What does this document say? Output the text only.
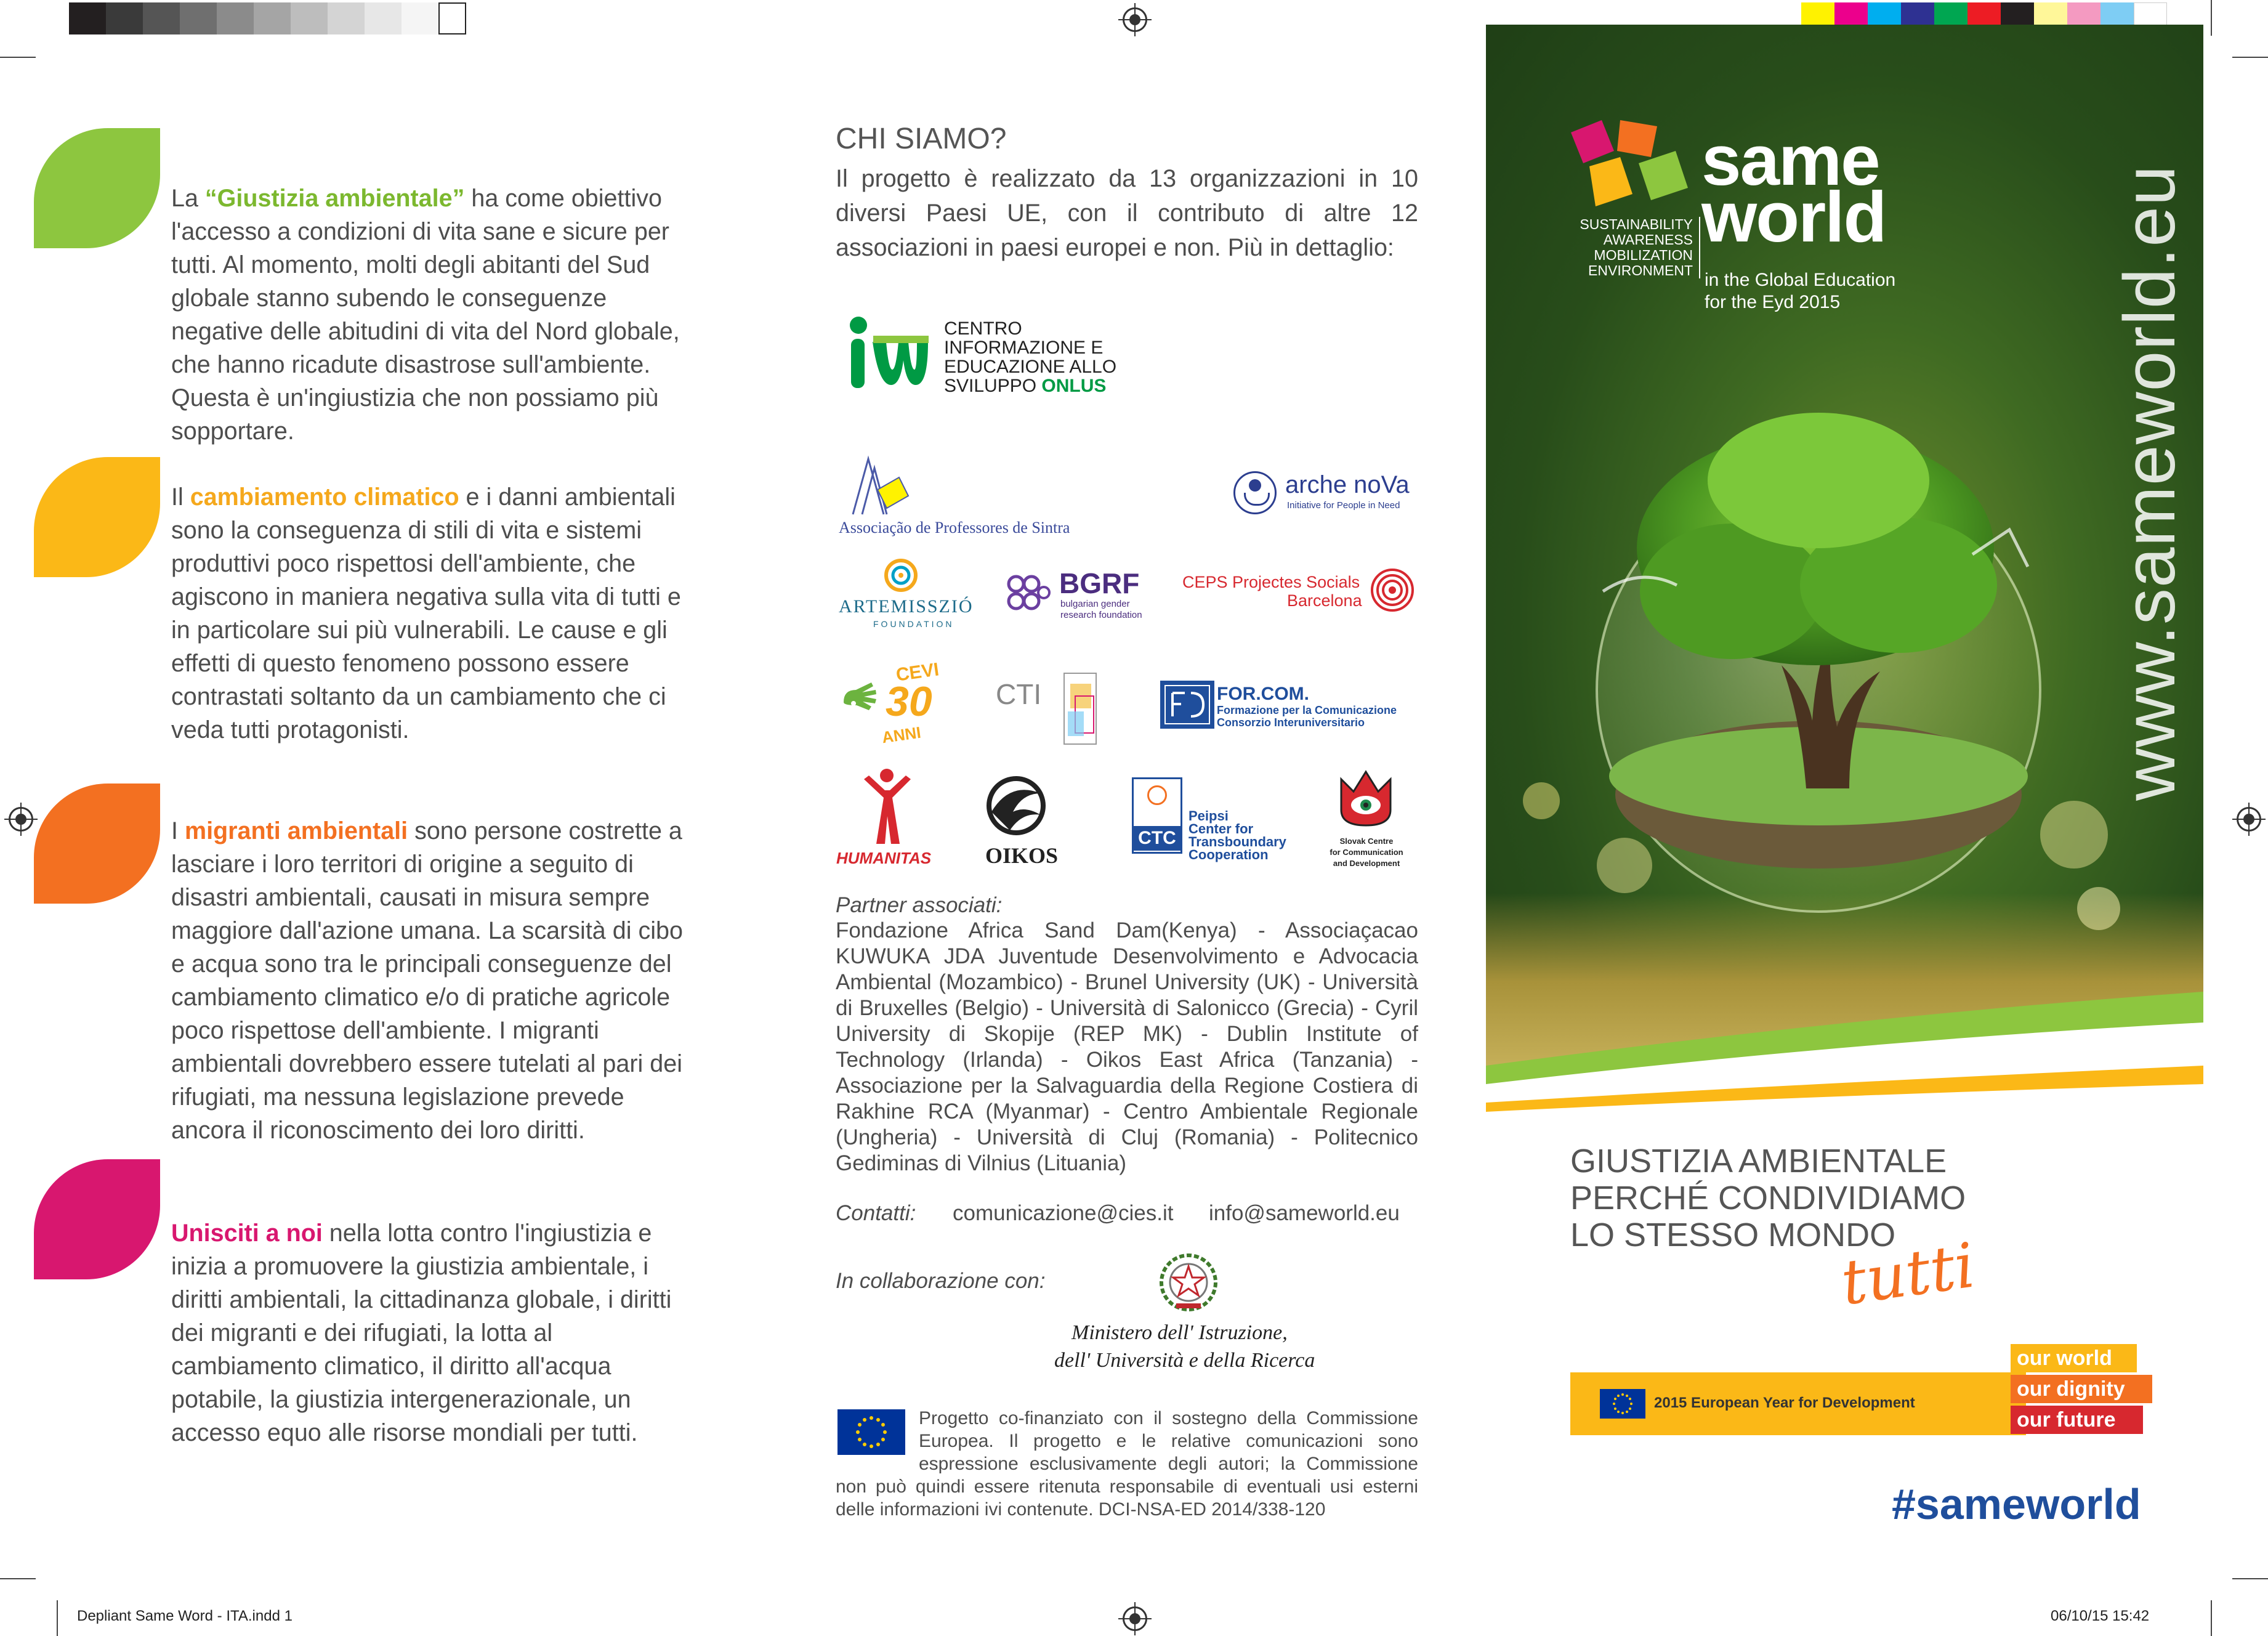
La “Giustizia ambientale” ha come obiettivo l'accesso a condizioni di vita sane e sicure per tutti. Al momento, molti degli abitanti del Sud globale stanno subendo le conseguenze negative delle abitudini di vita del Nord globale, che hanno ricadute disastrose sull'ambiente. Questa è un'ingiustizia che non possiamo più sopportare.
Il cambiamento climatico e i danni ambientali sono la conseguenza di stili di vita e sistemi produttivi poco rispettosi dell'ambiente, che agiscono in maniera negativa sulla vita di tutti e in particolare sui più vulnerabili. Le cause e gli effetti di questo fenomeno possono essere contrastati soltanto da un cambiamento che ci veda tutti protagonisti.
I migranti ambientali sono persone costrette a lasciare i loro territori di origine a seguito di disastri ambientali, causati in misura sempre maggiore dall'azione umana. La scarsità di cibo e acqua sono tra le principali conseguenze del cambiamento climatico e/o di pratiche agricole poco rispettose dell'ambiente. I migranti ambientali dovrebbero essere tutelati al pari dei rifugiati, ma nessuna legislazione prevede ancora il riconoscimento dei loro diritti.
Unisciti a noi nella lotta contro l'ingiustizia e inizia a promuovere la giustizia ambientale, i diritti ambientali, la cittadinanza globale, i diritti dei migranti e dei rifugiati, la lotta al cambiamento climatico, il diritto all'acqua potabile, la giustizia intergenerazionale, un accesso equo alle risorse mondiali per tutti.
CHI SIAMO?
Il progetto è realizzato da 13 organizzazioni in 10 diversi Paesi UE, con il contributo di altre 12 associazioni in paesi europei e non. Più in dettaglio:
CENTRO
INFORMAZIONE E
EDUCAZIONE ALLO
SVILUPPO ONLUS
Associação de Professores de Sintra
arche noVa
Initiative for People in Need
ARTEMISSZIÓ
FOUNDATION
BGRF
bulgarian gender
research foundation
CEPS Projectes Socials
Barcelona
CEVI
30
ANNI
CTI	FOR.COM.
Formazione per la Comunicazione
Consorzio Interuniversitario
HUMANITAS OIKOS
CTC
Peipsi
Center for
Transboundary
Cooperation
Slovak Centre
for Communication
and Development
Partner associati:
Fondazione Africa Sand Dam(Kenya) - Associaçacao KUWUKA JDA Juventude Desenvolvimento e Advocacia Ambiental (Mozambico) - Brunel University (UK) - Università di Bruxelles (Belgio) - Università di Salonicco (Grecia) - Cyril University di Skopije (REP MK) - Dublin Institute of Technology (Irlanda) - Oikos East Africa (Tanzania) - Associazione per la Salvaguardia della Regione Costiera di Rakhine RCA (Myanmar) - Centro Ambientale Regionale (Ungheria) - Università di Cluj (Romania) - Politecnico Gediminas di Vilnius (Lituania)
Contatti: comunicazione@cies.it info@sameworld.eu
In collaborazione con:
Ministero dell' Istruzione,
dell' Università e della Ricerca
Progetto co-finanziato con il sostegno della Commissione Europea. Il progetto e le relative comunicazioni sono espressione esclusivamente degli autori; la Commissione non può quindi essere ritenuta responsabile di eventuali usi esterni delle informazioni ivi contenute. DCI-NSA-ED 2014/338-120
same
world
SUSTAINABILITY
AWARENESS
MOBILIZATION
ENVIRONMENT in the Global Education
for the Eyd 2015	www.sameworld.eu
GIUSTIZIA AMBIENTALE
PERCHÉ CONDIVIDIAMO
LO STESSO MONDO
tutti
2015 European Year for Development
our world
our dignity
our future
#sameworld
Depliant Same Word - ITA.indd 1	06/10/15 15:42
